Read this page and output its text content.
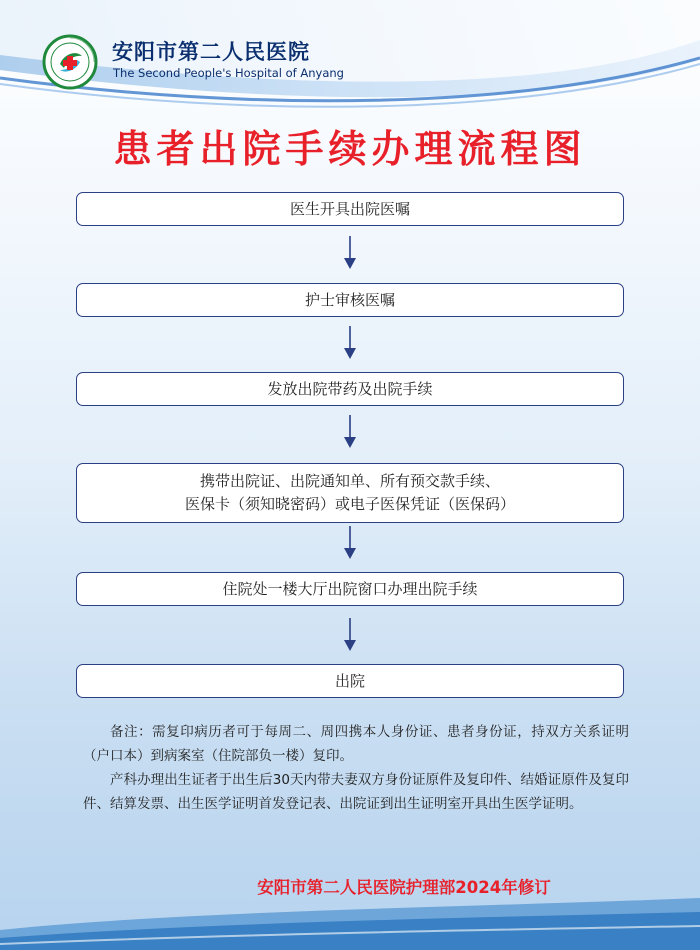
安阳市第二人民医院
The Second People's Hospital of Anyang
患者出院手续办理流程图
医生开具出院医嘱
护士审核医嘱
发放出院带药及出院手续
携带出院证、出院通知单、所有预交款手续、
医保卡（须知晓密码）或电子医保凭证（医保码）
住院处一楼大厅出院窗口办理出院手续
出院

备注：需复印病历者可于每周二、周四携本人身份证、患者身份证，持双方关系证明（户口本）到病案室（住院部负一楼）复印。

产科办理出生证者于出生后30天内带夫妻双方身份证原件及复印件、结婚证原件及复印件、结算发票、出生医学证明首发登记表、出院证到出生证明室开具出生医学证明。

安阳市第二人民医院护理部2024年修订
